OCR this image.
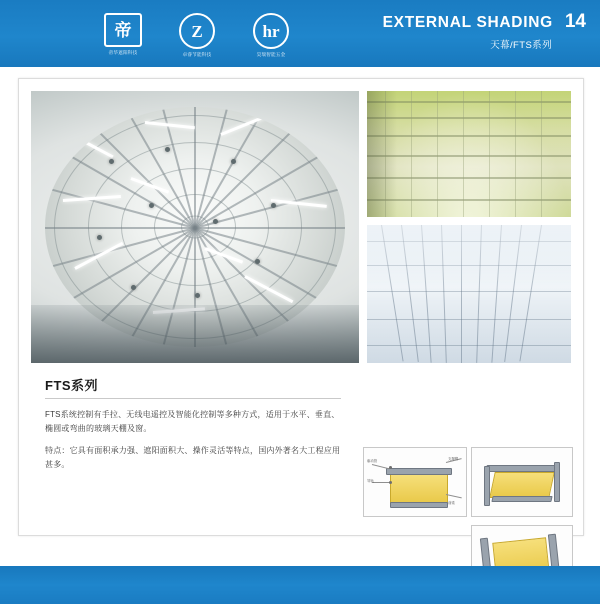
帝
帝华遮阳科技
Z
卓睿节能科技
hr
昊瑞智能五金
EXTERNAL SHADING 14
天幕/FTS系列
FTS系列

FTS系统控制有手拉、无线电遥控及智能化控制等多种方式，适用于水平、垂直、椭圆或弯曲的玻璃天棚及窗。

特点：它具有面积承力强、遮阳面积大、操作灵活等特点，国内外著名大工程应用甚多。	驱动管
导轨
支撑臂
前梁
